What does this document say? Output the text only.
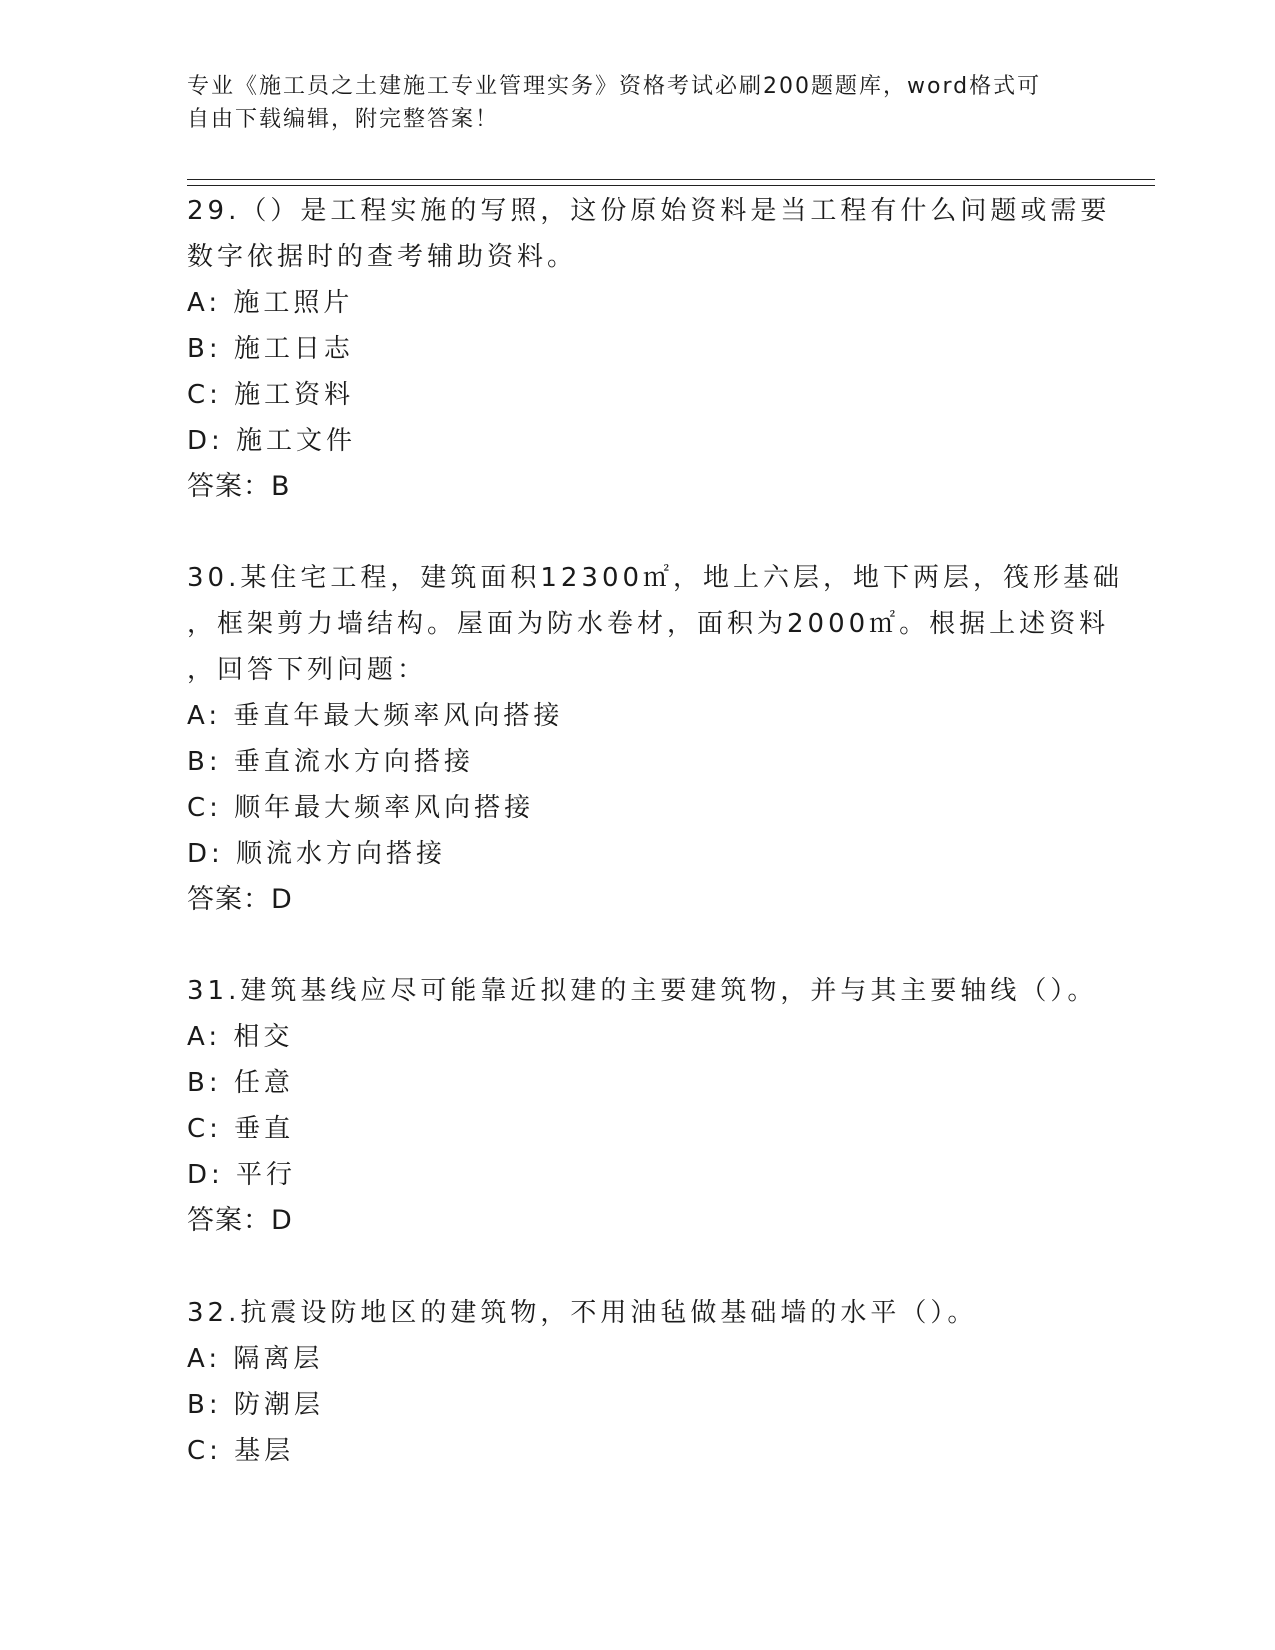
专业《施工员之土建施工专业管理实务》资格考试必刷200题题库，word格式可
自由下载编辑，附完整答案！
29.（）是工程实施的写照，这份原始资料是当工程有什么问题或需要
数字依据时的查考辅助资料。
A: 施工照片
B: 施工日志
C: 施工资料
D: 施工文件
答案：B
30.某住宅工程，建筑面积12300㎡，地上六层，地下两层，筏形基础
，框架剪力墙结构。屋面为防水卷材，面积为2000㎡。根据上述资料
，回答下列问题：
A: 垂直年最大频率风向搭接
B: 垂直流水方向搭接
C: 顺年最大频率风向搭接
D: 顺流水方向搭接
答案：D
31.建筑基线应尽可能靠近拟建的主要建筑物，并与其主要轴线（）。
A: 相交
B: 任意
C: 垂直
D: 平行
答案：D
32.抗震设防地区的建筑物，不用油毡做基础墙的水平（）。
A: 隔离层
B: 防潮层
C: 基层
